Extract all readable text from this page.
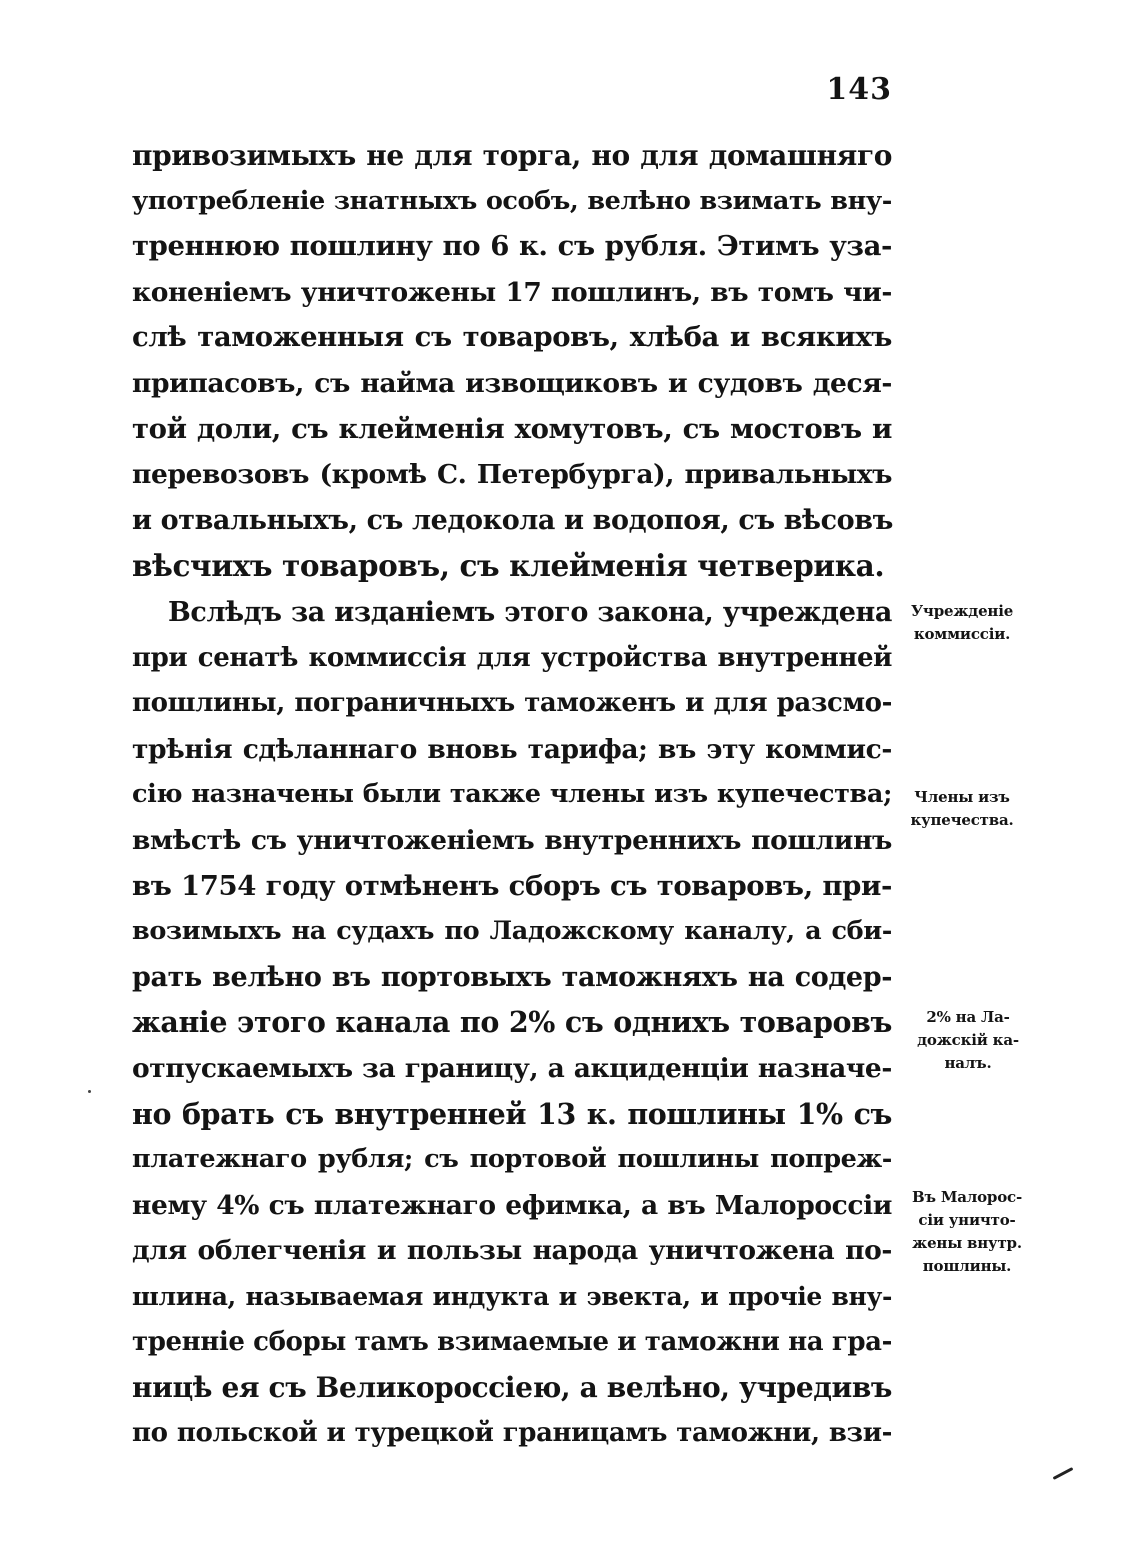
143
привозимыхъ не для торга, но для домашняго
употребленіе знатныхъ особъ, велѣно взимать вну-
треннюю пошлину по 6 к. съ рубля. Этимъ уза-
коненіемъ уничтожены 17 пошлинъ, въ томъ чи-
слѣ таможенныя съ товаровъ, хлѣба и всякихъ
припасовъ, съ найма извощиковъ и судовъ деся-
той доли, съ клейменія хомутовъ, съ мостовъ и
перевозовъ (кромѣ С. Петербурга), привальныхъ
и отвальныхъ, съ ледокола и водопоя, съ вѣсовъ
вѣсчихъ товаровъ, съ клейменія четверика.
Вслѣдъ за изданіемъ этого закона, учреждена
при сенатѣ коммиссія для устройства внутренней
пошлины, пограничныхъ таможенъ и для разсмо-
трѣнія сдѣланнаго вновь тарифа; въ эту коммис-
сію назначены были также члены изъ купечества;
вмѣстѣ съ уничтоженіемъ внутреннихъ пошлинъ
въ 1754 году отмѣненъ сборъ съ товаровъ, при-
возимыхъ на судахъ по Ладожскому каналу, а сби-
рать велѣно въ портовыхъ таможняхъ на содер-
жаніе этого канала по 2% съ однихъ товаровъ
отпускаемыхъ за границу, а акциденціи назначе-
но брать съ внутренней 13 к. пошлины 1% съ
платежнаго рубля; съ портовой пошлины попреж-
нему 4% съ платежнаго ефимка, а въ Малороссіи
для облегченія и пользы народа уничтожена по-
шлина, называемая индукта и эвекта, и прочіе вну-
тренніе сборы тамъ взимаемые и таможни на гра-
ницѣ ея съ Великороссіею, а велѣно, учредивъ
по польской и турецкой границамъ таможни, взи-
Учрежденіе
коммиссіи.
Члены изъ
купечества.
2% на Ла-
дожскій ка-
налъ.
Въ Малорос-
сіи уничто-
жены внутр.
пошлины.
